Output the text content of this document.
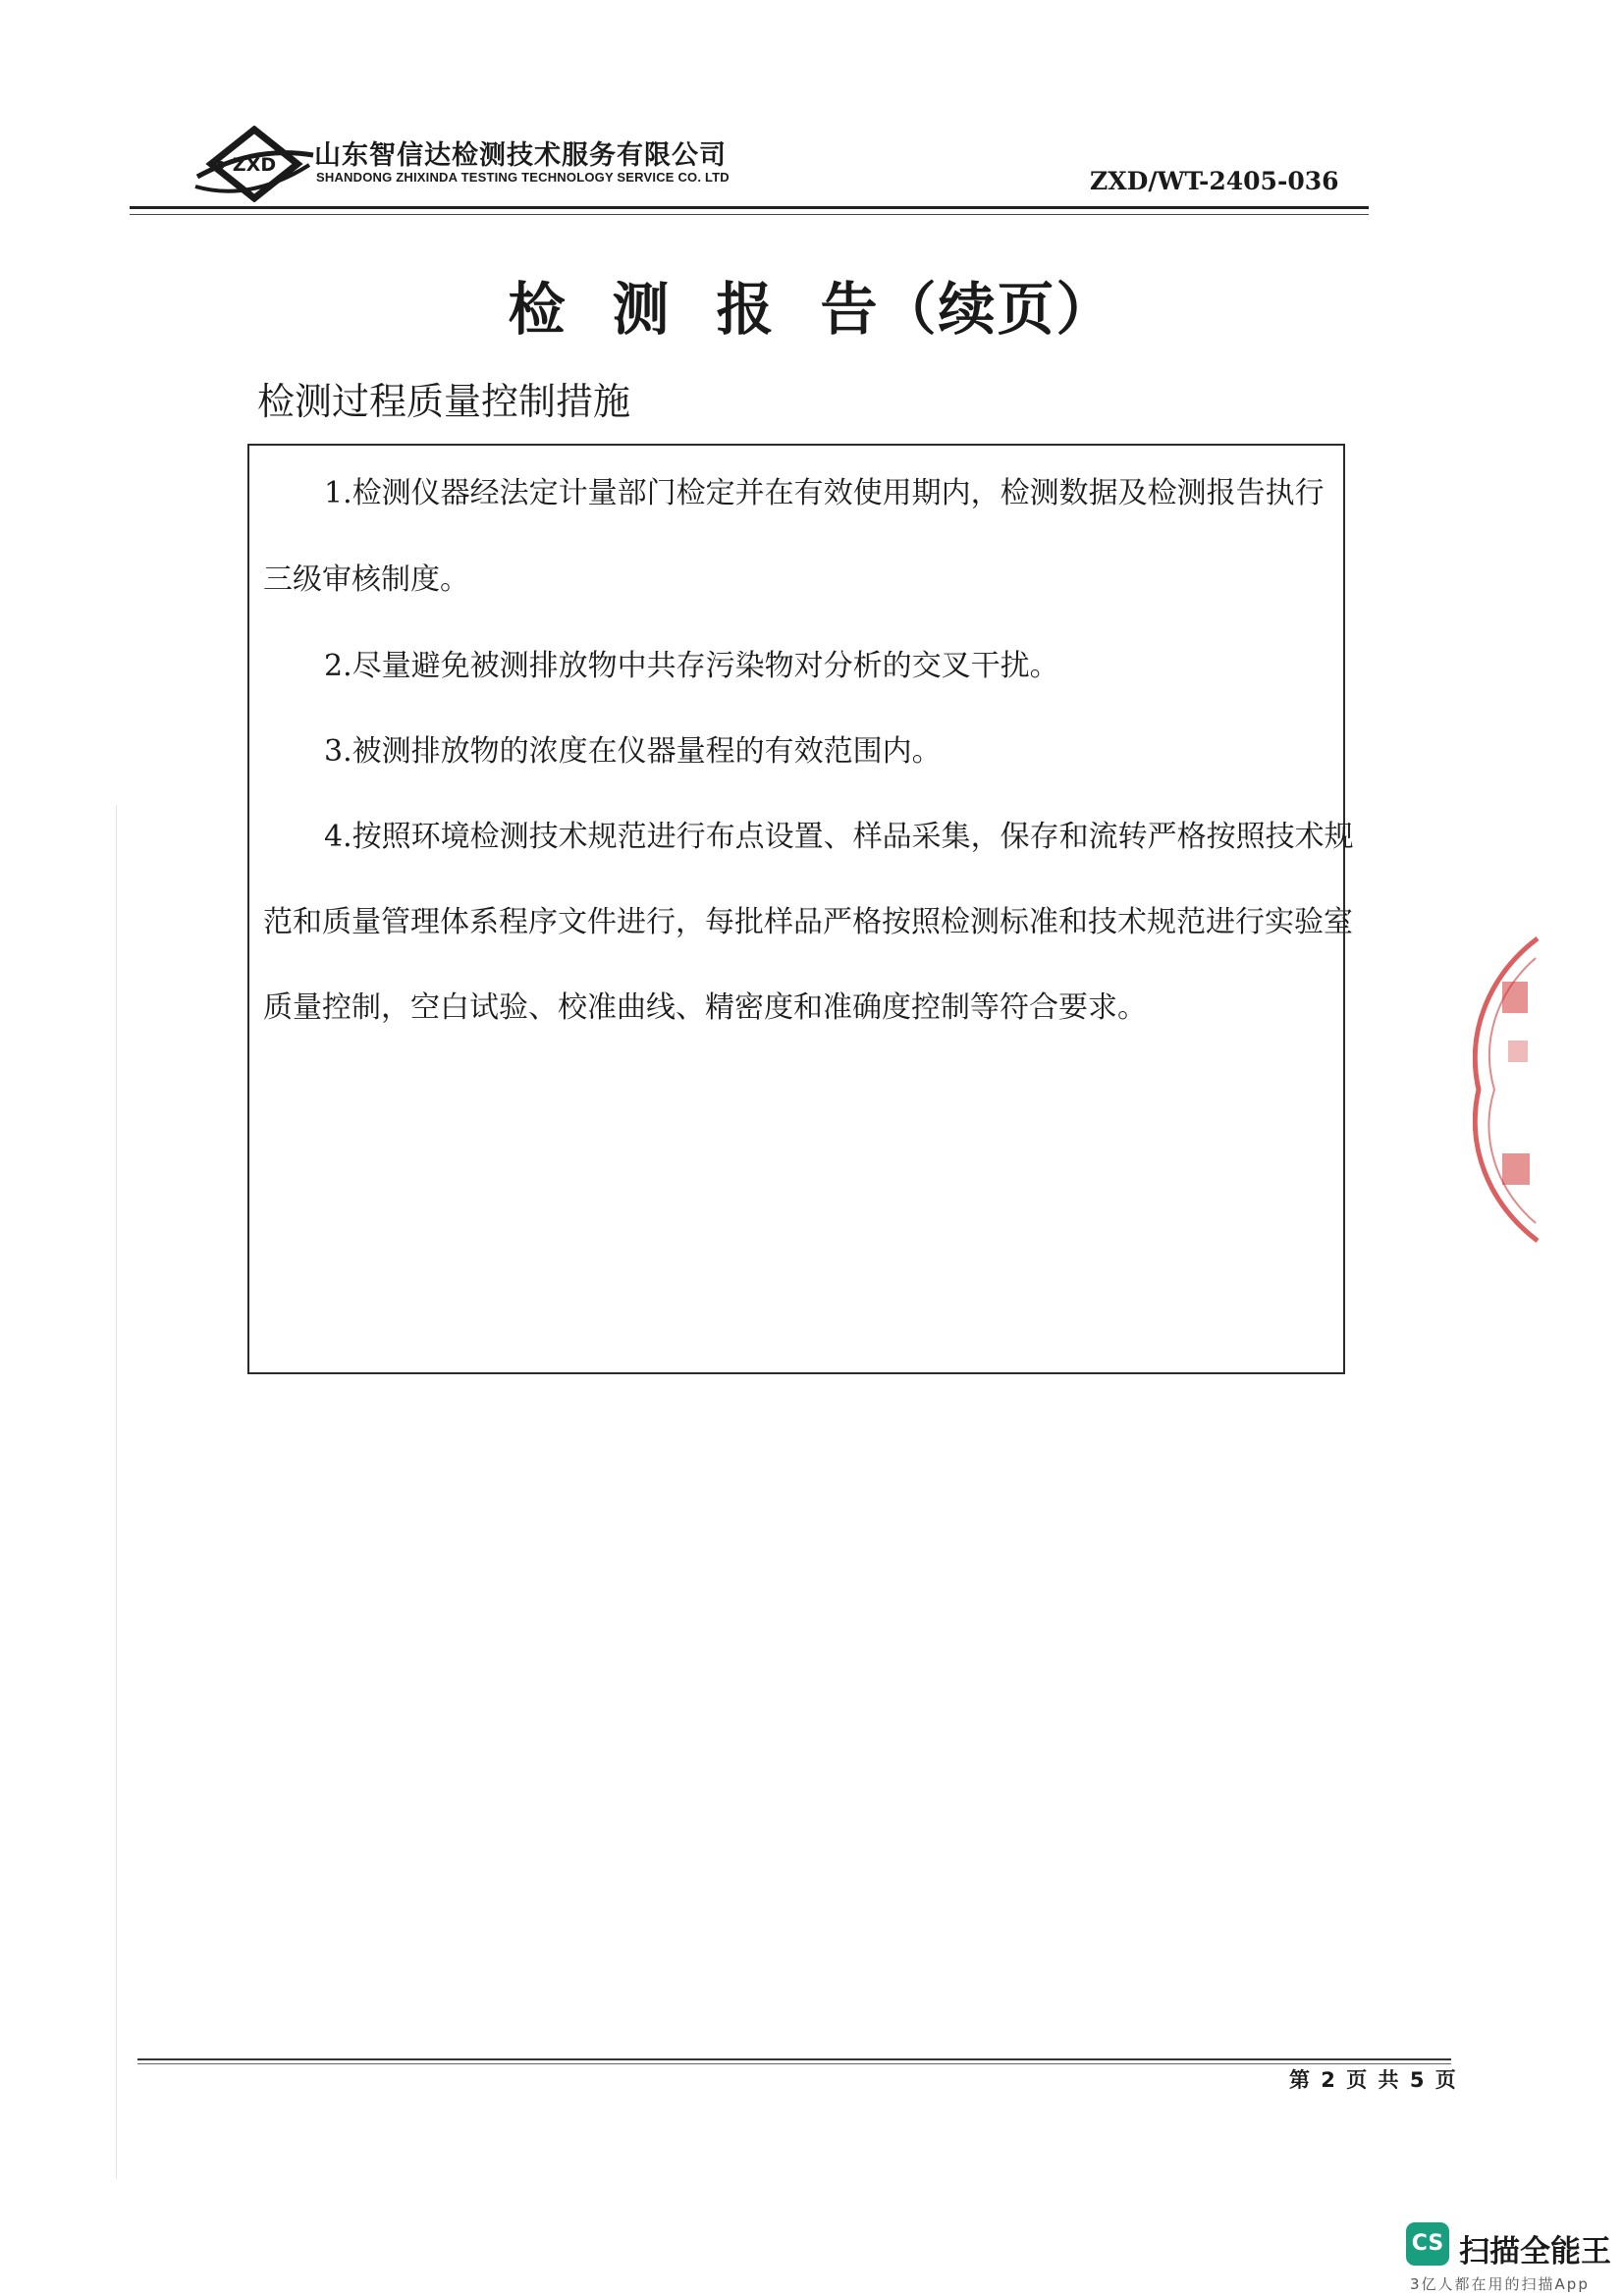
ZXD 山东智信达检测技术服务有限公司
SHANDONG ZHIXINDA TESTING TECHNOLOGY SERVICE CO. LTD	ZXD/WT-2405-036
检 测 报 告（续页）
检测过程质量控制措施
1.检测仪器经法定计量部门检定并在有效使用期内，检测数据及检测报告执行
三级审核制度。
2.尽量避免被测排放物中共存污染物对分析的交叉干扰。
3.被测排放物的浓度在仪器量程的有效范围内。
4.按照环境检测技术规范进行布点设置、样品采集，保存和流转严格按照技术规
范和质量管理体系程序文件进行，每批样品严格按照检测标准和技术规范进行实验室
质量控制，空白试验、校准曲线、精密度和准确度控制等符合要求。
第 2 页 共 5 页
CS 扫描全能王
3亿人都在用的扫描App
